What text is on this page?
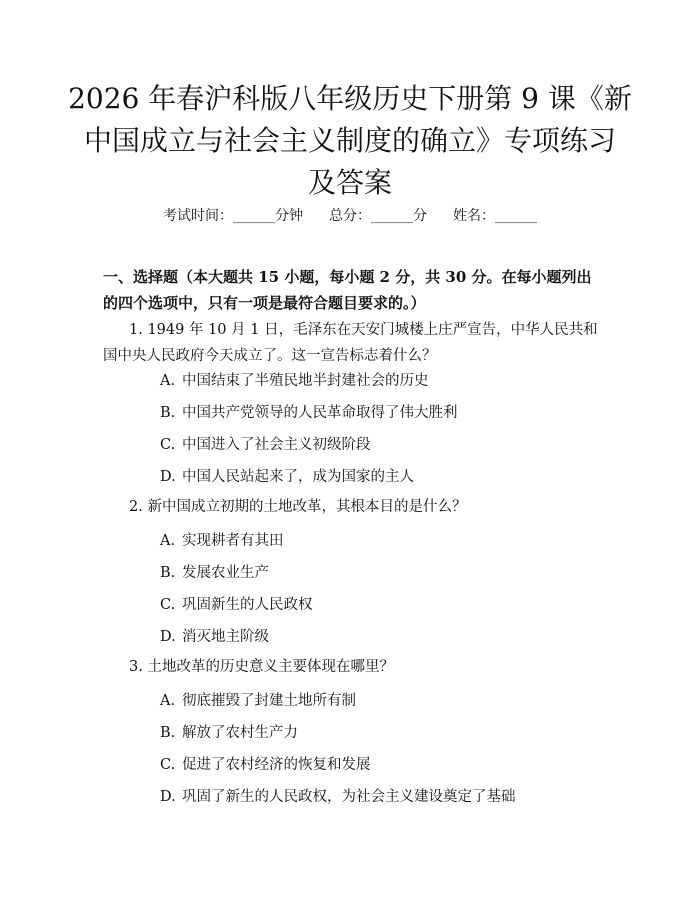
2026 年春沪科版八年级历史下册第 9 课《新
中国成立与社会主义制度的确立》专项练习
及答案
考试时间：______分钟 总分：______分 姓名：______
一、选择题（本大题共 15 小题，每小题 2 分，共 30 分。在每小题列出的四个选项中，只有一项是最符合题目要求的。）
1. 1949 年 10 月 1 日，毛泽东在天安门城楼上庄严宣告，中华人民共和国中央人民政府今天成立了。这一宣告标志着什么？
A. 中国结束了半殖民地半封建社会的历史
B. 中国共产党领导的人民革命取得了伟大胜利
C. 中国进入了社会主义初级阶段
D. 中国人民站起来了，成为国家的主人
2. 新中国成立初期的土地改革，其根本目的是什么？
A. 实现耕者有其田
B. 发展农业生产
C. 巩固新生的人民政权
D. 消灭地主阶级
3. 土地改革的历史意义主要体现在哪里？
A. 彻底摧毁了封建土地所有制
B. 解放了农村生产力
C. 促进了农村经济的恢复和发展
D. 巩固了新生的人民政权，为社会主义建设奠定了基础
